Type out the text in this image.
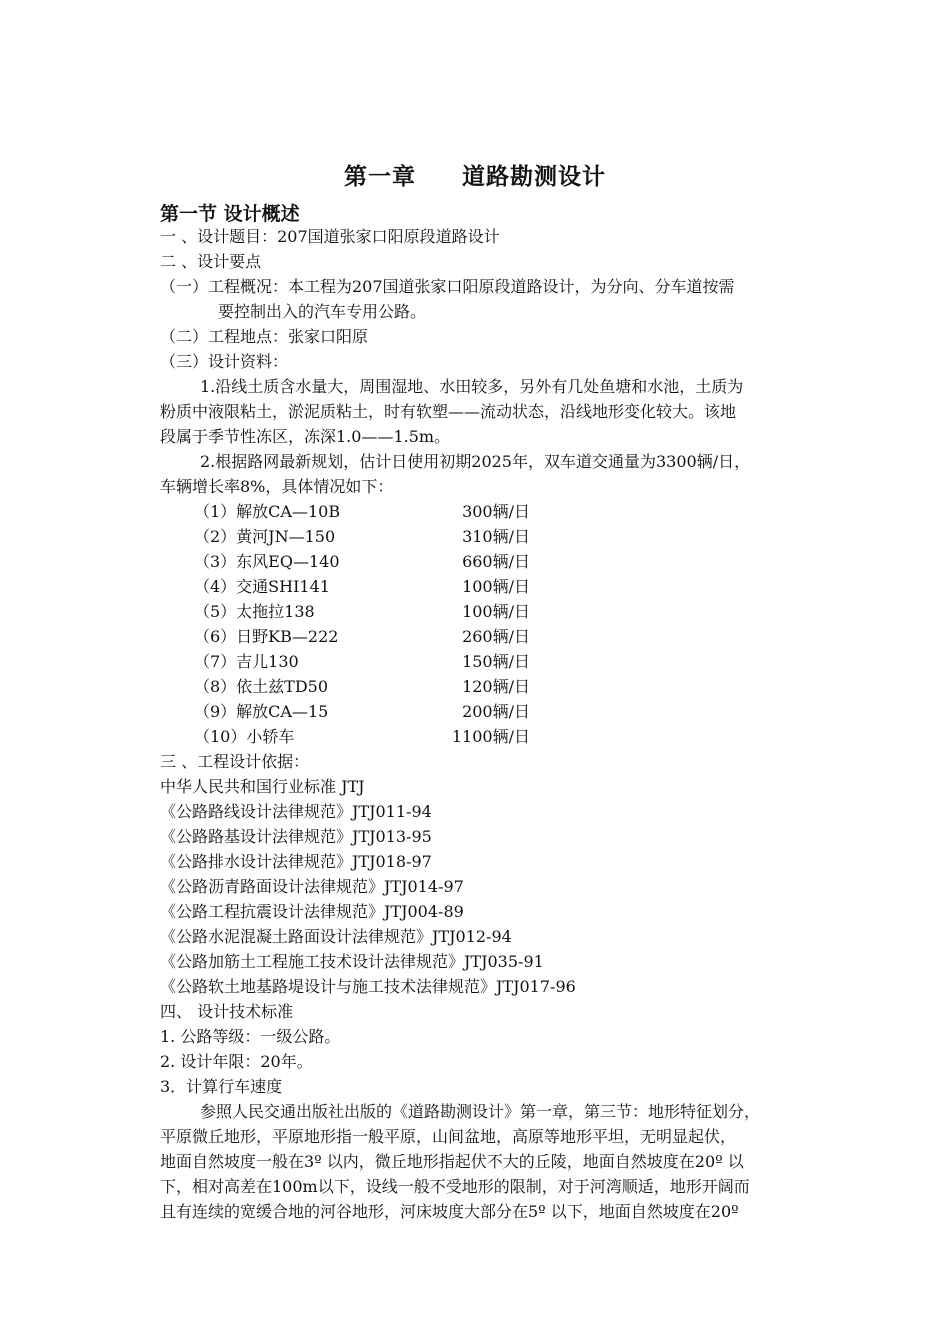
第一章  道路勘测设计
第一节 设计概述
一 、设计题目：207国道张家口阳原段道路设计
二 、设计要点
（一）工程概况：本工程为207国道张家口阳原段道路设计，为分向、分车道按需
要控制出入的汽车专用公路。
（二）工程地点：张家口阳原
（三）设计资料：
1.沿线土质含水量大，周围湿地、水田较多，另外有几处鱼塘和水池，土质为
粉质中液限粘土，淤泥质粘土，时有软塑——流动状态，沿线地形变化较大。该地
段属于季节性冻区，冻深1.0——1.5m。
2.根据路网最新规划，估计日使用初期2025年，双车道交通量为3300辆/日，
车辆增长率8%，具体情况如下：
（1）解放CA—10B	300辆/日
（2）黄河JN—150	310辆/日
（3）东风EQ—140	660辆/日
（4）交通SHI141	100辆/日
（5）太拖拉138	100辆/日
（6）日野KB—222	260辆/日
（7）吉儿130	150辆/日
（8）依土兹TD50	120辆/日
（9）解放CA—15	200辆/日
（10）小轿车	1100辆/日
三 、工程设计依据：
中华人民共和国行业标准 JTJ
《公路路线设计法律规范》JTJ011-94
《公路路基设计法律规范》JTJ013-95
《公路排水设计法律规范》JTJ018-97
《公路沥青路面设计法律规范》JTJ014-97
《公路工程抗震设计法律规范》JTJ004-89
《公路水泥混凝土路面设计法律规范》JTJ012-94
《公路加筋土工程施工技术设计法律规范》JTJ035-91
《公路软土地基路堤设计与施工技术法律规范》JTJ017-96
四、 设计技术标准
1. 公路等级：一级公路。
2. 设计年限：20年。
3．计算行车速度
参照人民交通出版社出版的《道路勘测设计》第一章，第三节：地形特征划分，
平原微丘地形，平原地形指一般平原，山间盆地，高原等地形平坦，无明显起伏，
地面自然坡度一般在3º 以内，微丘地形指起伏不大的丘陵，地面自然坡度在20º 以
下，相对高差在100m以下，设线一般不受地形的限制，对于河湾顺适，地形开阔而
且有连续的宽缓合地的河谷地形，河床坡度大部分在5º 以下，地面自然坡度在20º
